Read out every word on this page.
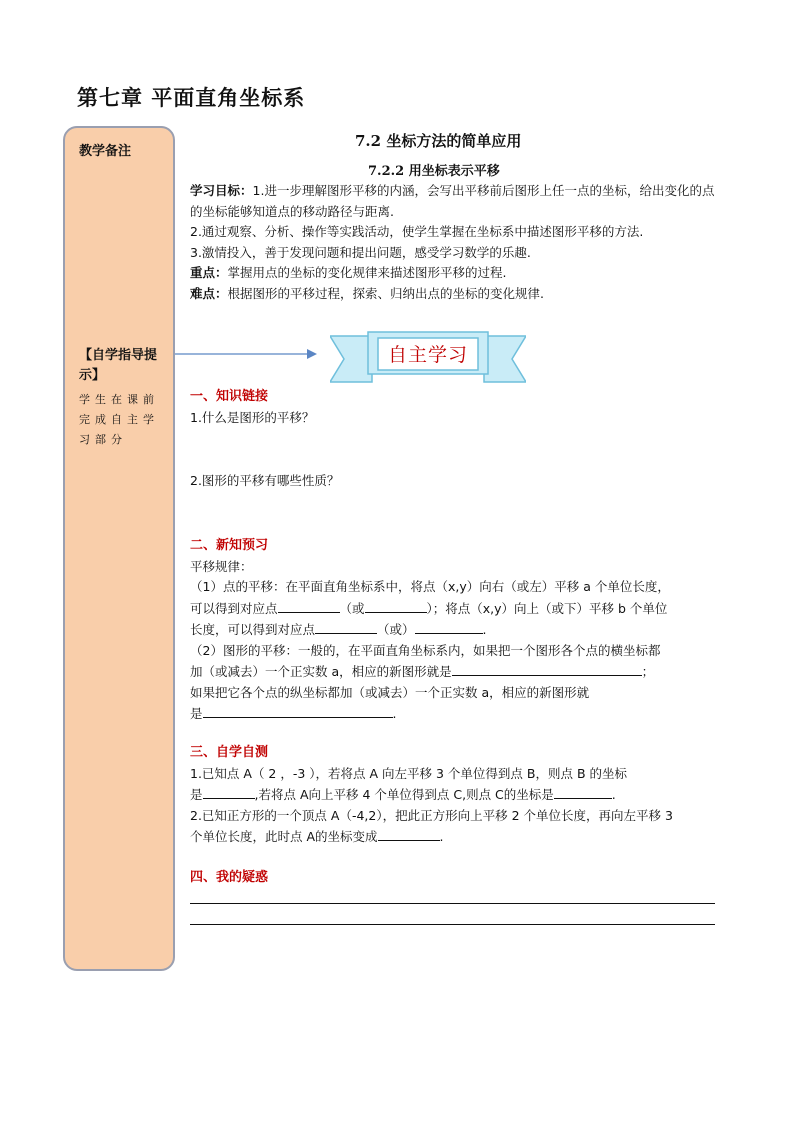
第七章 平面直角坐标系
教学备注
【自学指导提示】
学生在课前完成自主学习部分
7.2 坐标方法的简单应用
7.2.2 用坐标表示平移

学习目标：1.进一步理解图形平移的内涵，会写出平移前后图形上任一点的坐标，给出变化的点的坐标能够知道点的移动路径与距离.

2.通过观察、分析、操作等实践活动，使学生掌握在坐标系中描述图形平移的方法.

3.激情投入，善于发现问题和提出问题，感受学习数学的乐趣.

重点：掌握用点的坐标的变化规律来描述图形平移的过程.

难点：根据图形的平移过程，探索、归纳出点的坐标的变化规律.

自主学习

一、知识链接

1.什么是图形的平移？

2.图形的平移有哪些性质？

二、新知预习

平移规律：

（1）点的平移：在平面直角坐标系中，将点（x,y）向右（或左）平移 a 个单位长度，

可以得到对应点	（或	）；将点（x,y）向上（或下）平移 b 个单位

长度，可以得到对应点	（或）	.

（2）图形的平移：一般的，在平面直角坐标系内，如果把一个图形各个点的横坐标都

加（或减去）一个正实数 a，相应的新图形就是	；

如果把它各个点的纵坐标都加（或减去）一个正实数 a，相应的新图形就

是	.

三、自学自测

1.已知点 A（ 2 ，-3 ），若将点 A 向左平移 3 个单位得到点 B，则点 B 的坐标

是	,若将点 A向上平移 4 个单位得到点 C,则点 C的坐标是	.

2.已知正方形的一个顶点 A（-4,2），把此正方形向上平移 2 个单位长度，再向左平移 3

个单位长度，此时点 A的坐标变成	.

四、我的疑惑
